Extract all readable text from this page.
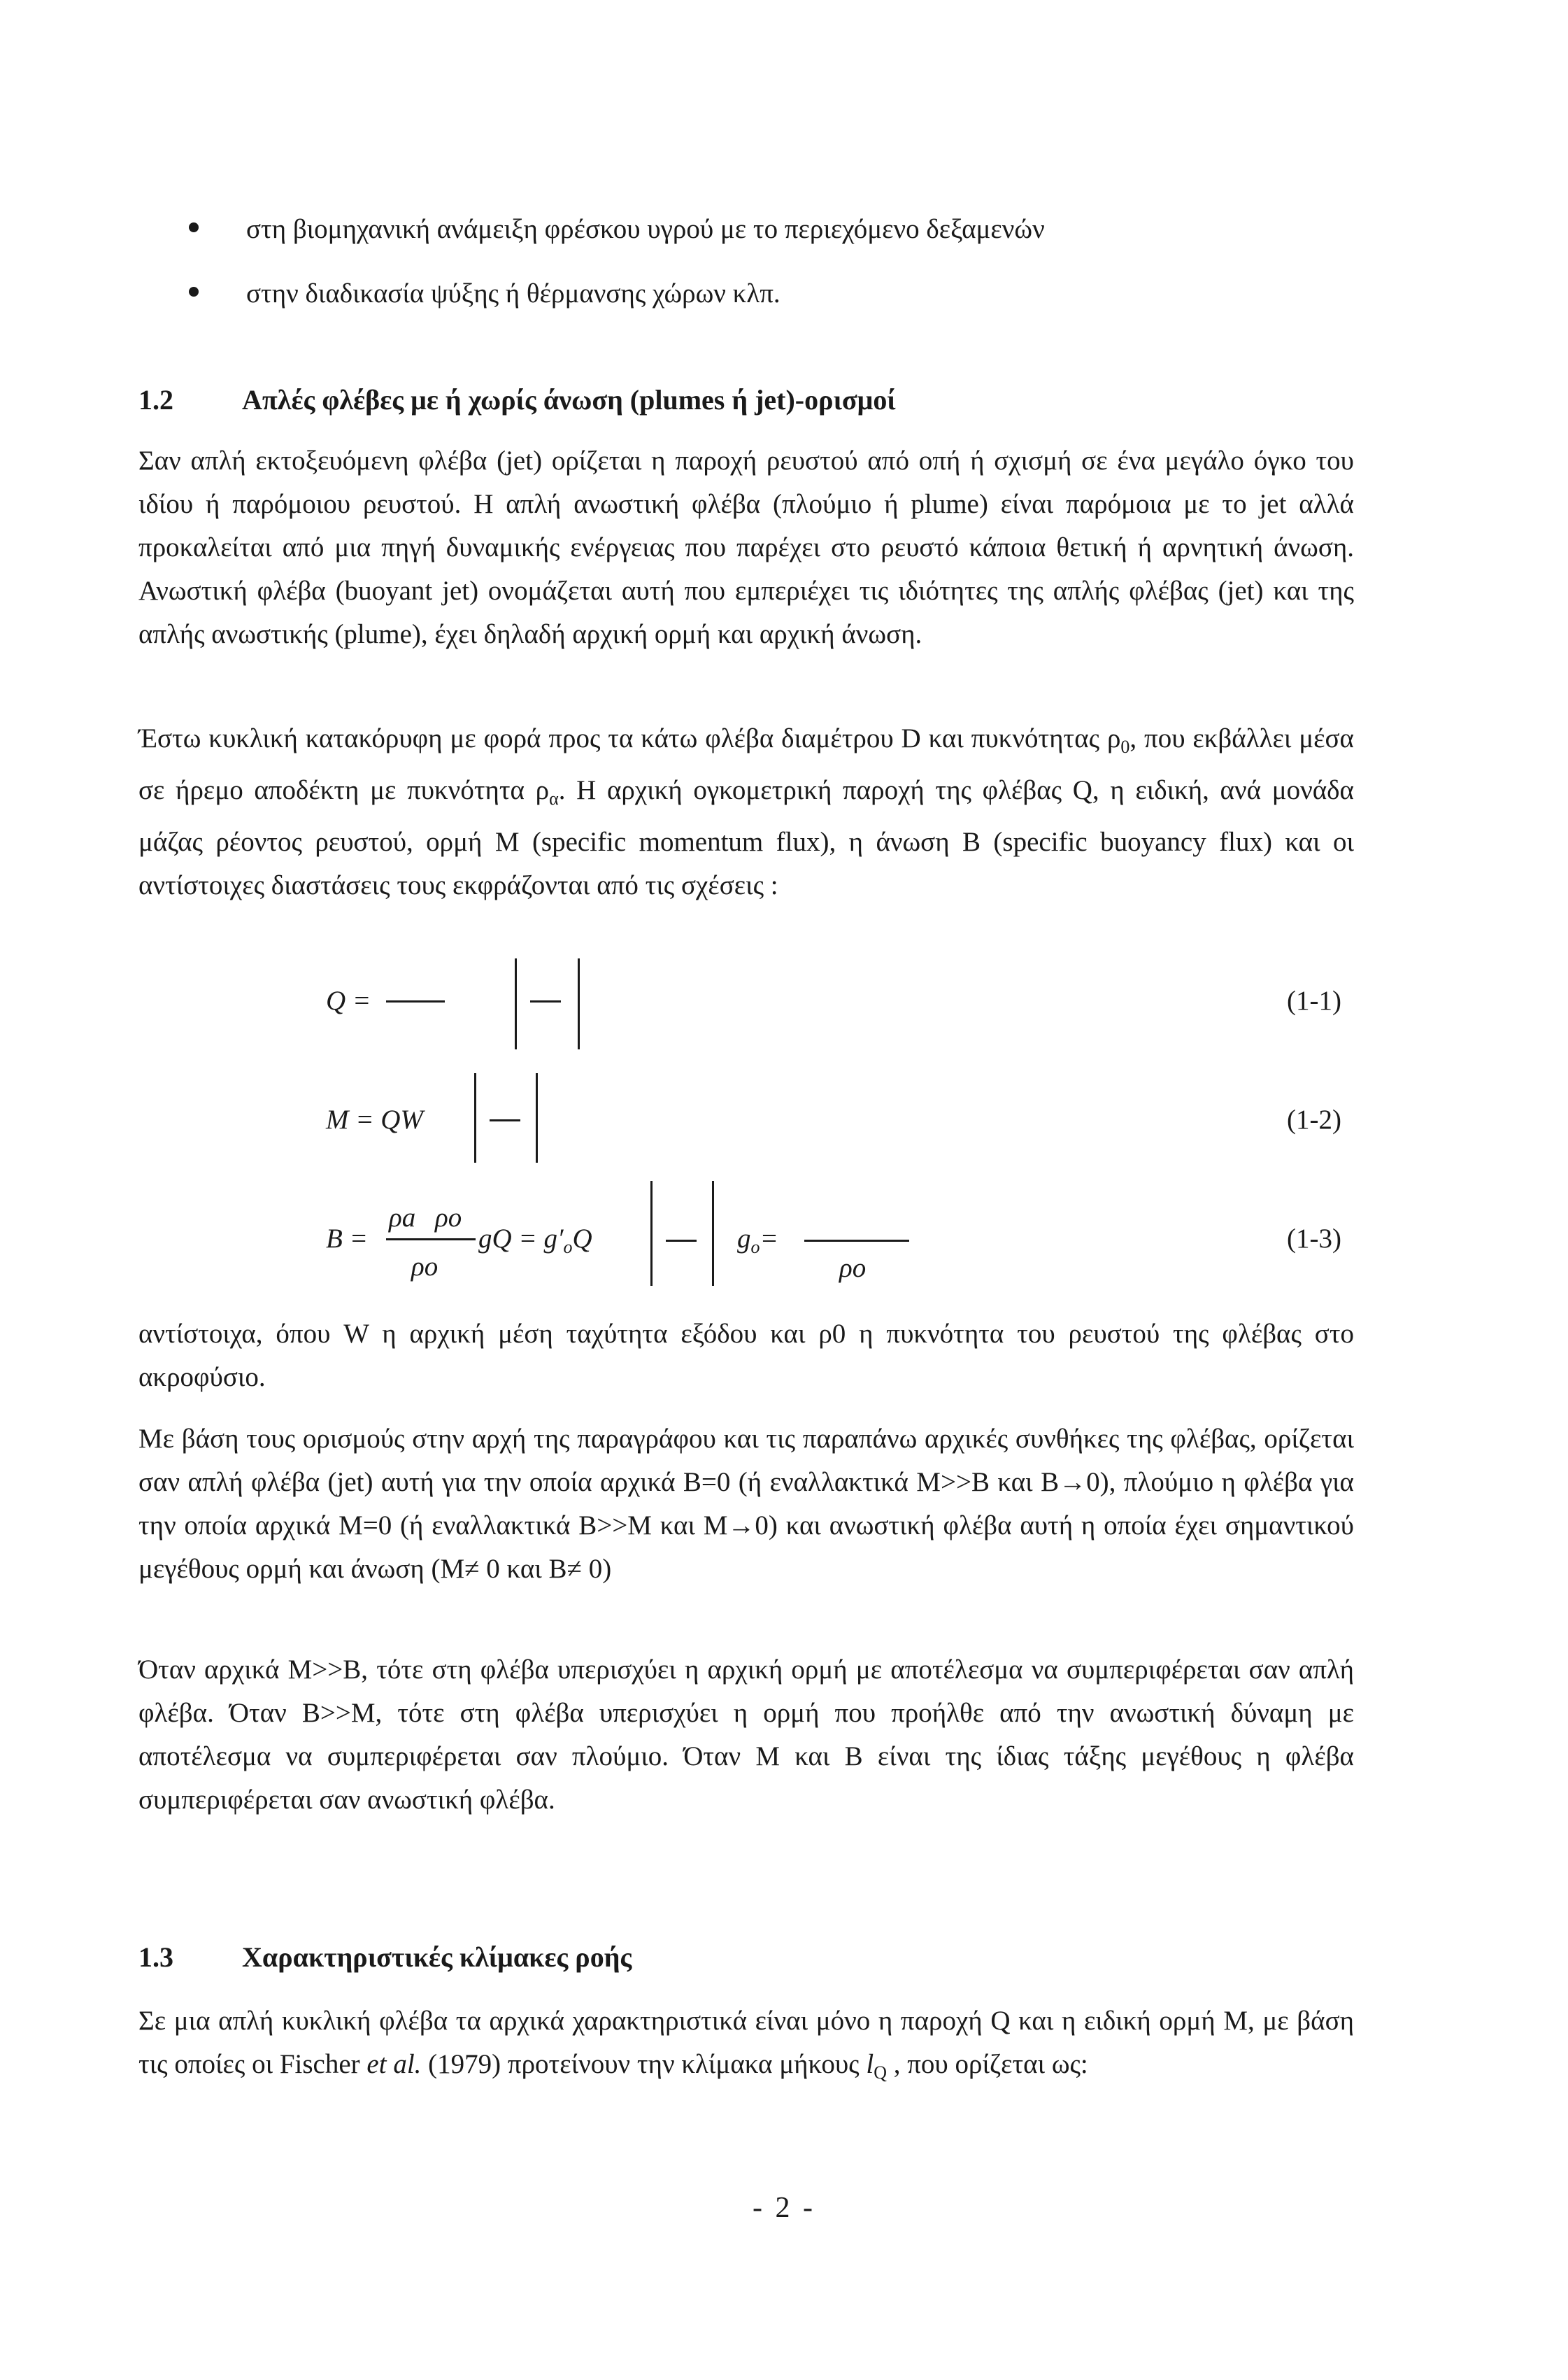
στη βιομηχανική ανάμειξη φρέσκου υγρού με το περιεχόμενο δεξαμενών
στην διαδικασία ψύξης ή θέρμανσης χώρων κλπ.
1.2 Απλές φλέβες με ή χωρίς άνωση (plumes ή jet)-ορισμοί

Σαν απλή εκτοξευόμενη φλέβα (jet) ορίζεται η παροχή ρευστού από οπή ή σχισμή σε ένα μεγάλο όγκο του ιδίου ή παρόμοιου ρευστού. Η απλή ανωστική φλέβα (πλούμιο ή plume) είναι παρόμοια με το jet αλλά προκαλείται από μια πηγή δυναμικής ενέργειας που παρέχει στο ρευστό κάποια θετική ή αρνητική άνωση. Ανωστική φλέβα (buoyant jet) ονομάζεται αυτή που εμπεριέχει τις ιδιότητες της απλής φλέβας (jet) και της απλής ανωστικής (plume), έχει δηλαδή αρχική ορμή και αρχική άνωση.

Έστω κυκλική κατακόρυφη με φορά προς τα κάτω φλέβα διαμέτρου D και πυκνότητας $\rho_0$, που εκβάλλει μέσα σε ήρεμο αποδέκτη με πυκνότητα $\rho_\alpha$. Η αρχική ογκομετρική παροχή της φλέβας Q, η ειδική, ανά μονάδα μάζας ρέοντος ρευστού, ορμή M (specific momentum flux), η άνωση B (specific buoyancy flux) και οι αντίστοιχες διαστάσεις τους εκφράζονται από τις σχέσεις :

Q =	(1-1)
M = QW	(1-2)
B =
ρa ρo
ρo
gQ = $g'_oQ$	$g_o=$
ρo
(1-3)

αντίστοιχα, όπου W η αρχική μέση ταχύτητα εξόδου και ρ0 η πυκνότητα του ρευστού της φλέβας στο ακροφύσιο.

Με βάση τους ορισμούς στην αρχή της παραγράφου και τις παραπάνω αρχικές συνθήκες της φλέβας, ορίζεται σαν απλή φλέβα (jet) αυτή για την οποία αρχικά B=0 (ή εναλλακτικά M>>B και B→0), πλούμιο η φλέβα για την οποία αρχικά M=0 (ή εναλλακτικά B>>M και M→0) και ανωστική φλέβα αυτή η οποία έχει σημαντικού μεγέθους ορμή και άνωση (M≠ 0 και B≠ 0)

Όταν αρχικά M>>B, τότε στη φλέβα υπερισχύει η αρχική ορμή με αποτέλεσμα να συμπεριφέρεται σαν απλή φλέβα. Όταν B>>M, τότε στη φλέβα υπερισχύει η ορμή που προήλθε από την ανωστική δύναμη με αποτέλεσμα να συμπεριφέρεται σαν πλούμιο. Όταν M και B είναι της ίδιας τάξης μεγέθους η φλέβα συμπεριφέρεται σαν ανωστική φλέβα.

1.3 Χαρακτηριστικές κλίμακες ροής

Σε μια απλή κυκλική φλέβα τα αρχικά χαρακτηριστικά είναι μόνο η παροχή Q και η ειδική ορμή M, με βάση τις οποίες οι Fischer et al. (1979) προτείνουν την κλίμακα μήκους $l_Q$ , που ορίζεται ως:

- 2 -
